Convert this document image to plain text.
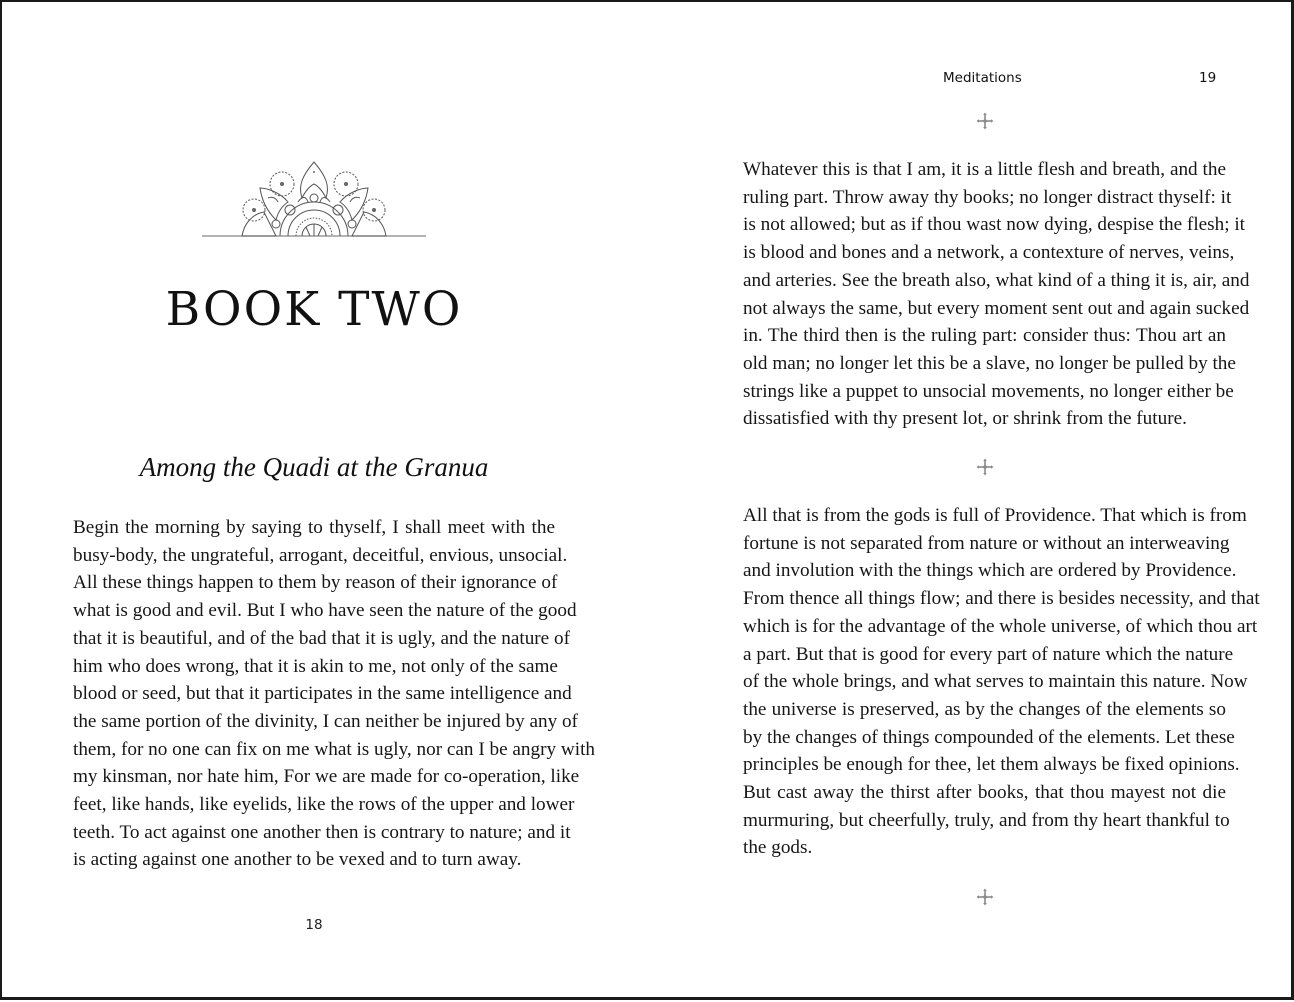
BOOK TWO
Among the Quadi at the Granua

Begin the morning by saying to thyself, I shall meet with the
busy-body, the ungrateful, arrogant, deceitful, envious, unsocial.
All these things happen to them by reason of their ignorance of
what is good and evil. But I who have seen the nature of the good
that it is beautiful, and of the bad that it is ugly, and the nature of
him who does wrong, that it is akin to me, not only of the same
blood or seed, but that it participates in the same intelligence and
the same portion of the divinity, I can neither be injured by any of
them, for no one can fix on me what is ugly, nor can I be angry with
my kinsman, nor hate him, For we are made for co-operation, like
feet, like hands, like eyelids, like the rows of the upper and lower
teeth. To act against one another then is contrary to nature; and it
is acting against one another to be vexed and to turn away.

18
Meditations	19

Whatever this is that I am, it is a little flesh and breath, and the
ruling part. Throw away thy books; no longer distract thyself: it
is not allowed; but as if thou wast now dying, despise the flesh; it
is blood and bones and a network, a contexture of nerves, veins,
and arteries. See the breath also, what kind of a thing it is, air, and
not always the same, but every moment sent out and again sucked
in. The third then is the ruling part: consider thus: Thou art an
old man; no longer let this be a slave, no longer be pulled by the
strings like a puppet to unsocial movements, no longer either be
dissatisfied with thy present lot, or shrink from the future.

All that is from the gods is full of Providence. That which is from
fortune is not separated from nature or without an interweaving
and involution with the things which are ordered by Providence.
From thence all things flow; and there is besides necessity, and that
which is for the advantage of the whole universe, of which thou art
a part. But that is good for every part of nature which the nature
of the whole brings, and what serves to maintain this nature. Now
the universe is preserved, as by the changes of the elements so
by the changes of things compounded of the elements. Let these
principles be enough for thee, let them always be fixed opinions.
But cast away the thirst after books, that thou mayest not die
murmuring, but cheerfully, truly, and from thy heart thankful to
the gods.
